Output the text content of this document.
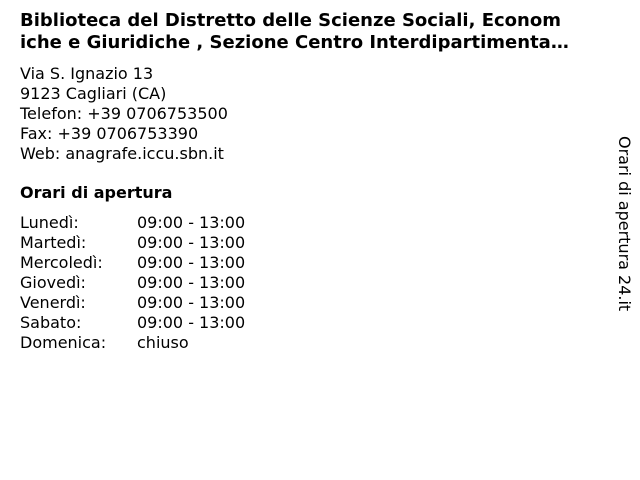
Biblioteca del Distretto delle Scienze Sociali, Econom
iche e Giuridiche , Sezione Centro Interdipartimenta…
Via S. Ignazio 13
9123 Cagliari (CA)
Telefon: +39 0706753500
Fax: +39 0706753390
Web: anagrafe.iccu.sbn.it
Orari di apertura
Lunedì:	09:00 - 13:00
Martedì:	09:00 - 13:00
Mercoledì:	09:00 - 13:00
Giovedì:	09:00 - 13:00
Venerdì:	09:00 - 13:00
Sabato:	09:00 - 13:00
Domenica:	chiuso
Orari di apertura 24.it
